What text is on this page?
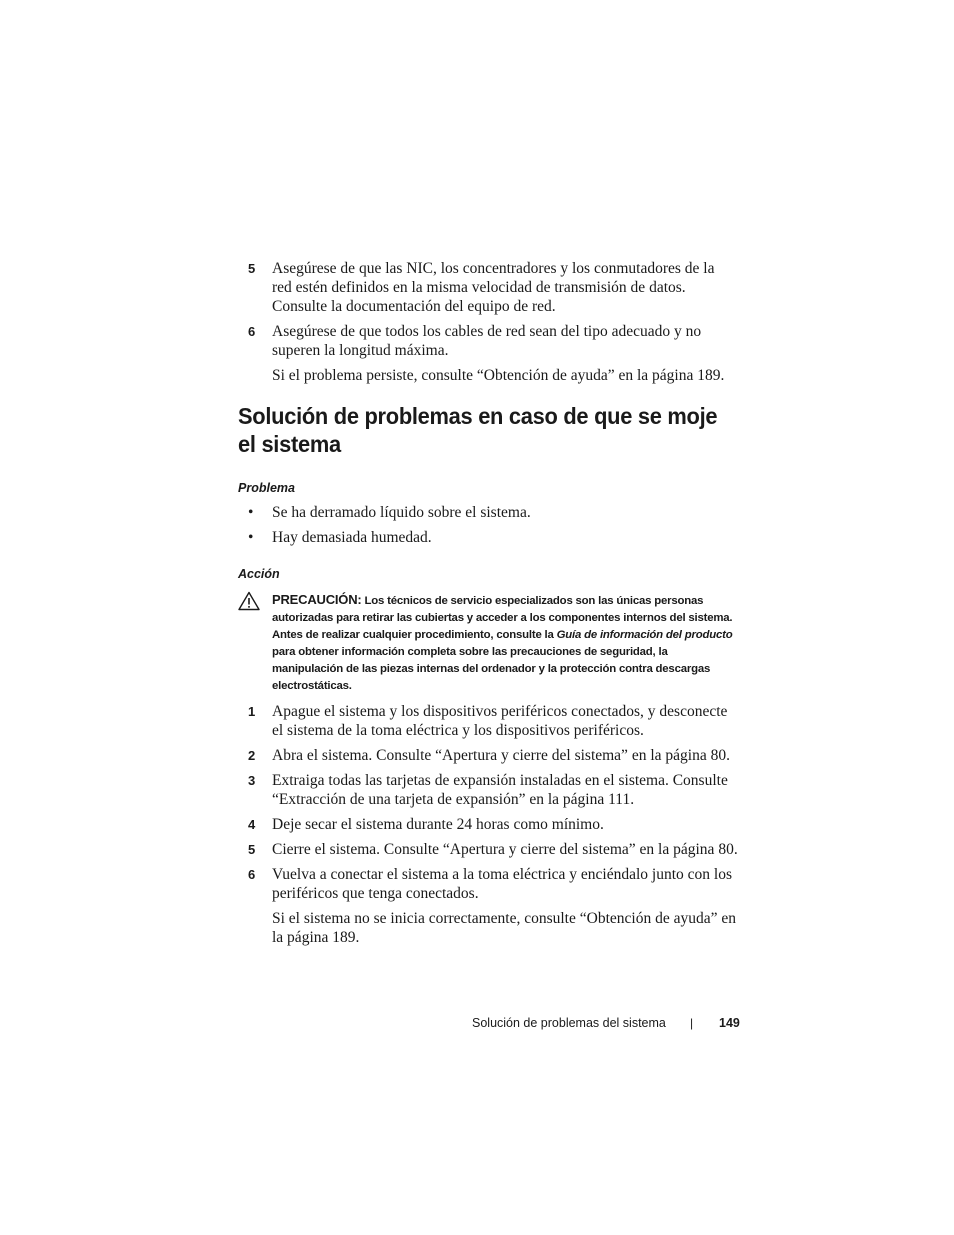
5 Asegúrese de que las NIC, los concentradores y los conmutadores de la red estén definidos en la misma velocidad de transmisión de datos. Consulte la documentación del equipo de red.
6 Asegúrese de que todos los cables de red sean del tipo adecuado y no superen la longitud máxima.

Si el problema persiste, consulte “Obtención de ayuda” en la página 189.

Solución de problemas en caso de que se moje el sistema

Problema

• Se ha derramado líquido sobre el sistema.
• Hay demasiada humedad.

Acción

PRECAUCIÓN: Los técnicos de servicio especializados son las únicas personas autorizadas para retirar las cubiertas y acceder a los componentes internos del sistema. Antes de realizar cualquier procedimiento, consulte la Guía de información del producto para obtener información completa sobre las precauciones de seguridad, la manipulación de las piezas internas del ordenador y la protección contra descargas electrostáticas.
1 Apague el sistema y los dispositivos periféricos conectados, y desconecte el sistema de la toma eléctrica y los dispositivos periféricos.
2 Abra el sistema. Consulte “Apertura y cierre del sistema” en la página 80.
3 Extraiga todas las tarjetas de expansión instaladas en el sistema. Consulte “Extracción de una tarjeta de expansión” en la página 111.
4 Deje secar el sistema durante 24 horas como mínimo.
5 Cierre el sistema. Consulte “Apertura y cierre del sistema” en la página 80.
6 Vuelva a conectar el sistema a la toma eléctrica y enciéndalo junto con los periféricos que tenga conectados.

Si el sistema no se inicia correctamente, consulte “Obtención de ayuda” en la página 189.

Solución de problemas del sistema | 149
